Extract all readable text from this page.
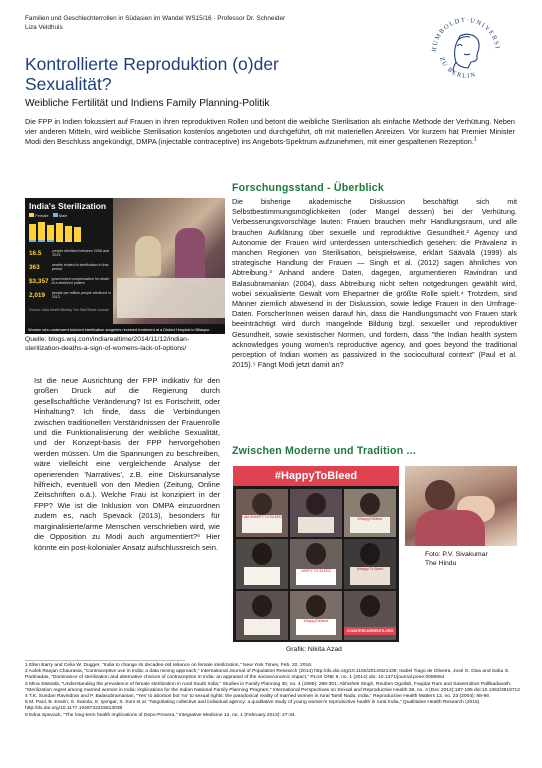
Familien und Geschlechterrollen in Südasien im Wandel WS15/16 · Professor Dr. Schneider
Liza Veldhuis
HUMBOLDT·UNIVERSI
ZU BERLIN
Kontrollierte Reproduktion (o)der
Sexualität?
Weibliche Fertilität und Indiens Family Planning-Politik
Die FPP in Indien fokussiert auf Frauen in ihren reproduktiven Rollen und betont die weibliche Sterilisation als einfache Methode der Verhütung. Neben vier anderen Mitteln, wird weibliche Sterilisation kostenlos angeboten und durchgeführt, oft mit materiellen Anreizen. Vor kurzem hat Premier Minister Modi den Beschluss angekündigt, DMPA (injectable contraceptive) ins Angebots-Spektrum aufzunehmen, mit einer gespaltenen Rezeption.$^1$
India's Sterilization
Female	Male
16.5	people sterilized between 2008 and 2013
363	deaths related to sterilization in that period
$3,357 government compensation for death of a sterilized patient
2,019	people per million people sterilized in 2013
Source: India Health Ministry The Wall Street Journal
Women who underwent botched sterilization surgeries received treatment at a District Hospital in Bilaspur.
Quelle: blogs.wsj.com/indiarealtime/2014/11/12/indian-sterilization-deaths-a-sign-of-womens-lack-of-options/
Forschungsstand - Überblick
Die bisherige akademische Diskussion beschäftigt sich mit Selbstbestimmungsmöglichkeiten (oder Mangel dessen) bei der Verhütung. Verbesserungsvorschläge lauten: Frauen brauchen mehr Handlungsraum, und alle brauchen Aufklärung über sexuelle und reproduktive Gesundheit.² Agency und Autonomie der Frauen wird unterdessen unterschiedlich gesehen: die Prävalenz in manchen Regionen von Sterilisation, beispielsweise, erklärt Säävälä (1999) als strategische Handlung der Frauen — Singh et al. (2012) sagen ähnliches von Abtreibung.³ Anhand andere Daten, dagegen, argumentieren Ravindran und Balasubramanian (2004), dass Abtreibung nicht selten notgedrungen gewählt wird, wobei sexualisierte Gewalt vom Ehepartner die größte Rolle spielt.⁴ Trotzdem, sind Männer ziemlich abwesend in der Diskussion, sowie ledige Frauen in den Umfrage-Daten. ForscherInnen weisen darauf hin, dass die Handlungsmacht von Frauen stark beeinträchtigt wird durch mangelnde Bildung bzgl. sexueller und reproduktiver Gesundheit, sowie sexistischer Normen, und fordern, dass "the Indian health system acknowledges young women's reproductive agency, and goes beyond the traditional perception of Indian women as passivized in the sociocultural context" (Paul et al. 2015).⁵ Fängt Modi jetzt damit an?
Ist die neue Ausrichtung der FPP indikativ für den großen Druck auf die Regierung durch gesellschaftliche Veränderung? Ist es Fortschritt, oder Hinhaltung? Ich finde, dass die Verbindungen zwischen traditionellen Verständnissen der Frauenrolle und die Funktionalisierung der weibliche Sexualität, und der Konzept-basis der FPP hervorgehoben werden müssen. Um die Spannungen zu beschreiben, wäre vielleicht eine vergleichende Analyse der operierenden 'Narratives', z.B. eine Diskursanalyse hilfreich, eventuell von den Medien (Zeitung, Online Zeitschriften o.ä.). Welche Frau ist konzipiert in der FPP? Wie ist die Inklusion von DMPA einzuordnen zudem es, nach Spevack (2013), besonders für marginalisierte/arme Menschen verschrieben wird, wie die Opposition zu Modi auch argumentiert?⁶ Hier könnte ein post-kolonialer Ansatz aufschlussreich sein.
Zwischen Moderne und Tradition ...
#HappyToBleed
I AM #HAPPY TO BLEED	#HappyToBleed
HAPPY TO BLEED	#Happy To Bleed
#HappyToBleed
COUNTERCURRENTS.ORG
Grafik: Nikita Azad
Foto: P.V. Sivakumar
The Hindu
1 Ellen Barry and Celia W. Dugger, "India to change its decades-old reliance on female sterilization," New York Times, Feb. 20, 2016.
2 Aalok Ranjan Chaurasia, "Contraceptive use in India: a data mining approach," International Journal of Population Research (2014) http://dx.doi.org/10.1155/2014/821436; Isabel Tiago de Oliveira, José G. Dias and Sabu S. Padmadas, "Dominance of sterilization and alternative choices of contraception in India: an appraisal of the socioeconomic impact," PLoS ONE 9, no. 1 (2014) doi: 10.1371/journal.pone.0086654
3 Mina Säävälä, "Understanding the prevalence of female sterilization in rural South India," Studies in Family Planning 30, no. 4 (1999): 288-301; Abhishek Singh, Reuben Ogollah, Faujdar Ram and Saseendran Pallikadavath, "Sterilization regret among married women in India: implications for the Indian National Family Planning Program," International Perspectives on Sexual and Reproductive Health 38, no. 4 (Dec 2012):187-195 doi:10.1363/3818712
4 T.K. Sundari Ravindran and P. Balasubramanian, "Yes' to abortion but 'no' to sexual rights: the paradoxical reality of married women in rural Tamil Nadu, India," Reproductive Health Matters 12, no. 23 (2004): 88-99.
5 M. Paul, B. Essén, S. Sariola, S. Iyengar, S. Soni et al. "Negotiating collective and individual agency: a qualitative study of young women's reproductive health in rural India," Qualitative Health Research (2015) http://dx.doi.org/10.1177.1049732315613038
6 Edna Spevack, "The long-term health implications of Depo-Provera," Integrative Medicine 12, no. 1 (February 2013): 27-34.
